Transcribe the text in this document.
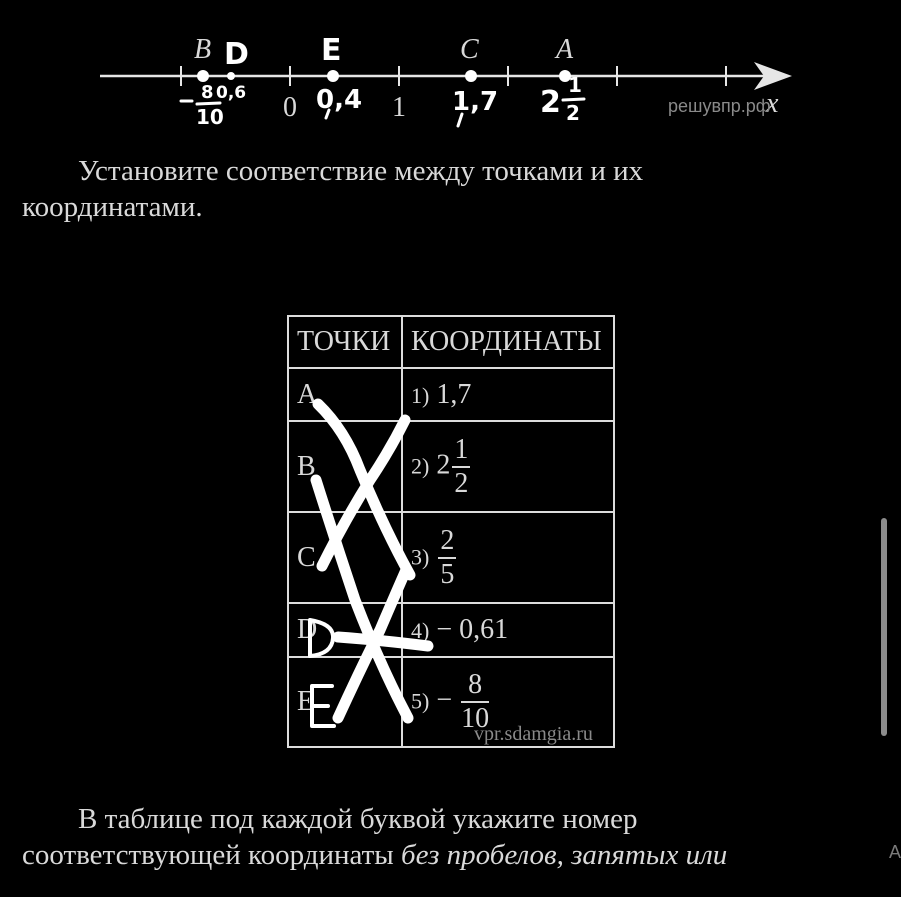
B	C	A
0	1	x
решувпр.рф
D E
0,6	0,4	1,7
8
10	2 1
2
Установите соответствие между точками и их
координатами.
ТОЧКИ	КООРДИНАТЫ
A	1) 1,7
B	2) $2 \frac{1}{2}$

C	$3) \frac{2}{5}$

D	4) − 0,61
E	$5) - \frac{8}{10}$
vpr.sdamgia.ru
В таблице под каждой буквой укажите номер
соответствующей координаты без пробелов, запятых или	A
